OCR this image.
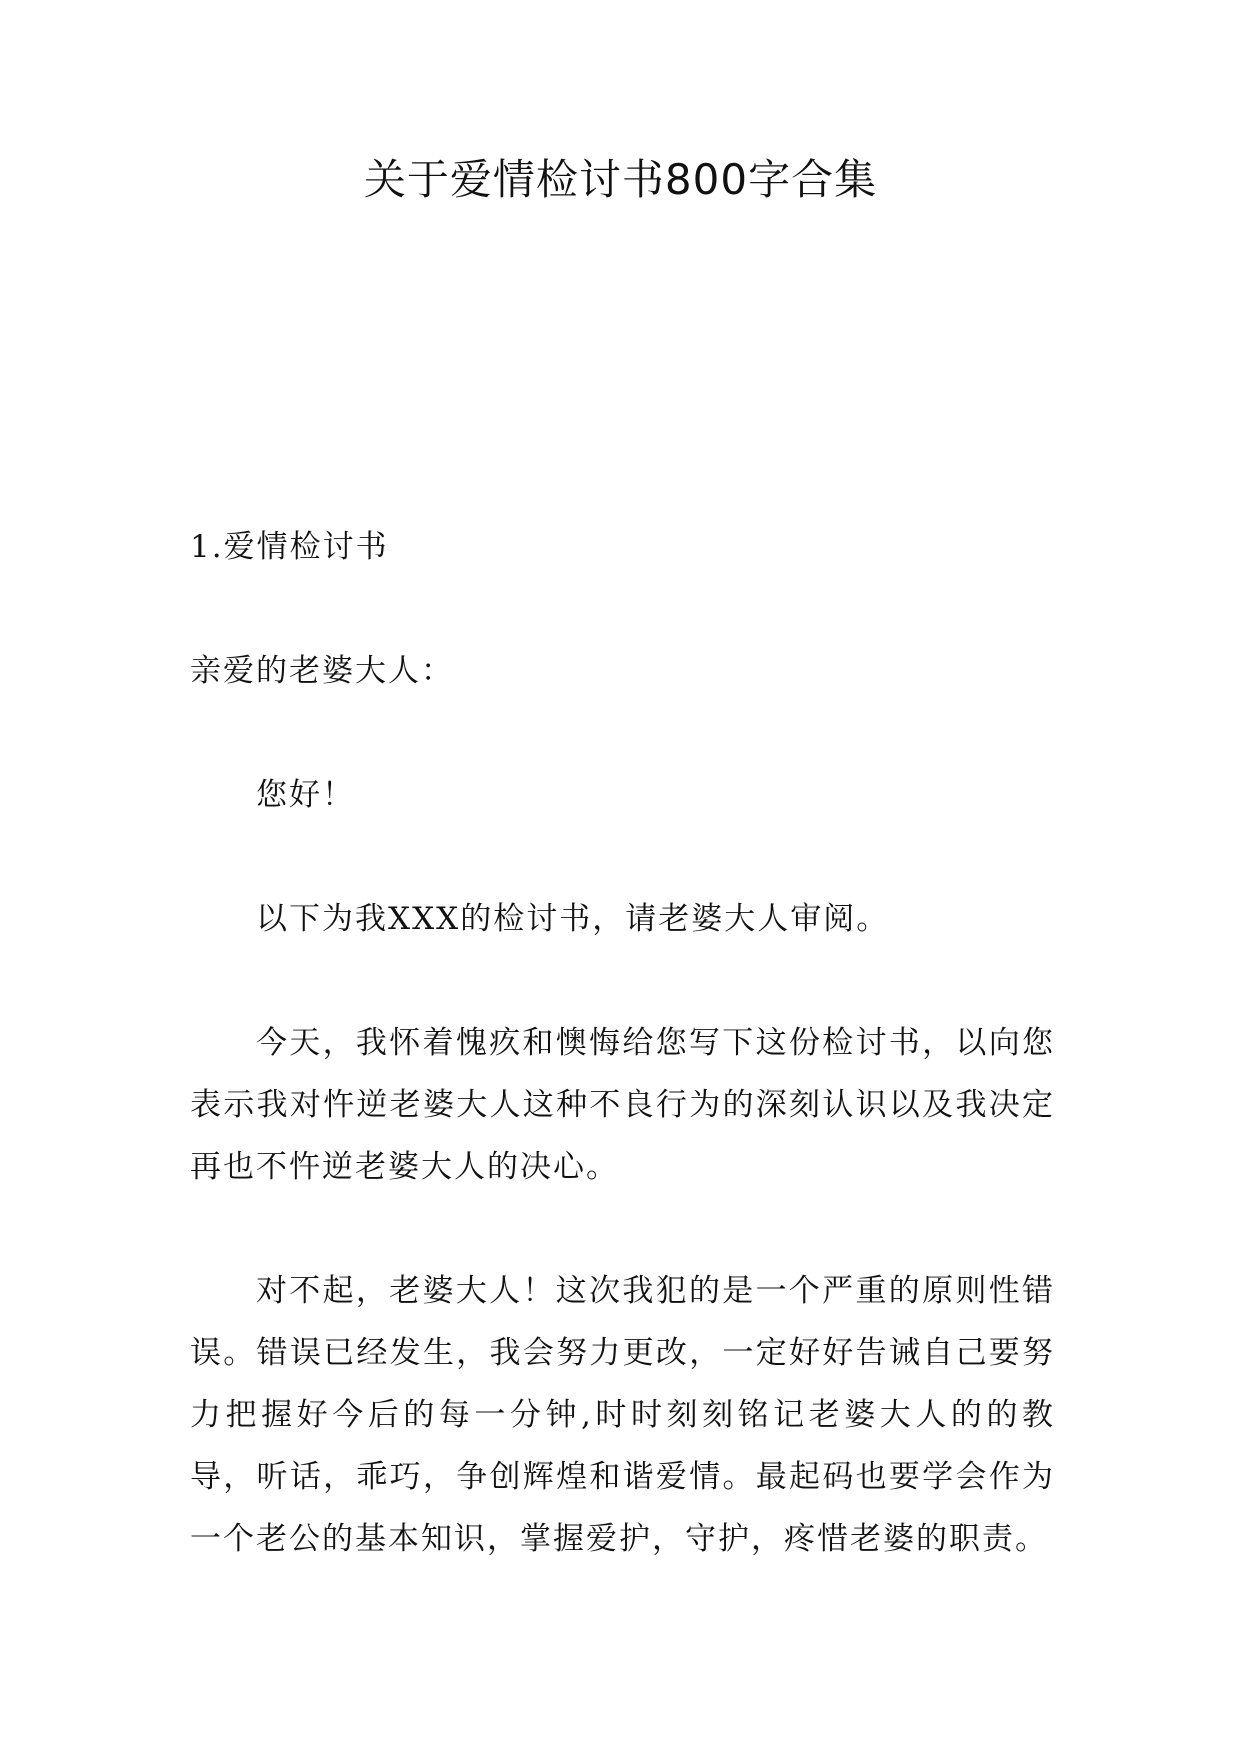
关于爱情检讨书800字合集

1.爱情检讨书

亲爱的老婆大人：

您好！

以下为我XXX的检讨书，请老婆大人审阅。

今天，我怀着愧疚和懊悔给您写下这份检讨书，以向您表示我对忤逆老婆大人这种不良行为的深刻认识以及我决定再也不忤逆老婆大人的决心。

对不起，老婆大人！这次我犯的是一个严重的原则性错误。错误已经发生，我会努力更改，一定好好告诫自己要努力把握好今后的每一分钟,时时刻刻铭记老婆大人的的教导，听话，乖巧，争创辉煌和谐爱情。最起码也要学会作为一个老公的基本知识，掌握爱护，守护，疼惜老婆的职责。
